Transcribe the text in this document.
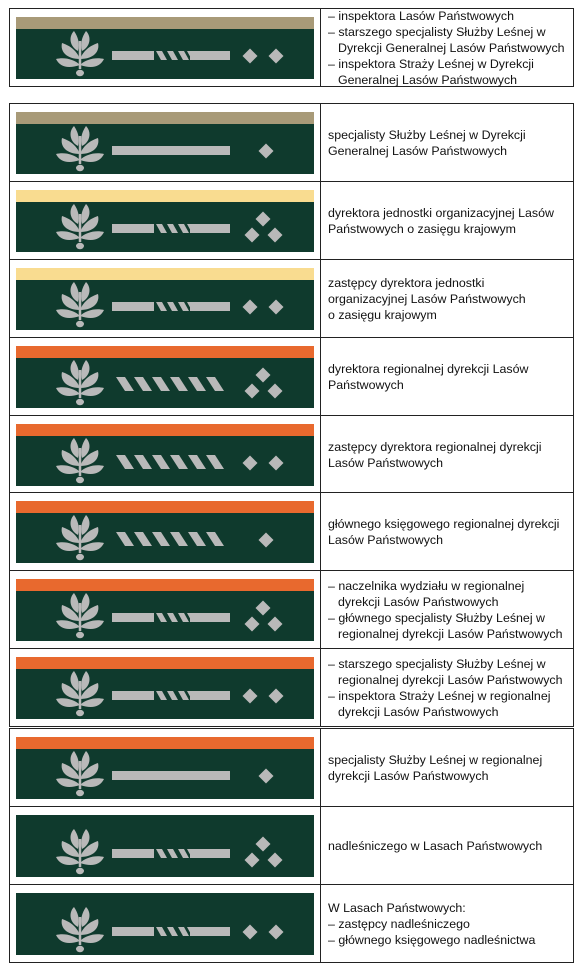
– inspektora Lasów Państwowych
– starszego specjalisty Służby Leśnej w Dyrekcji Generalnej Lasów Państwowych
– inspektora Straży Leśnej w Dyrekcji Generalnej Lasów Państwowych
specjalisty Służby Leśnej w Dyrekcji Generalnej Lasów Państwowych
dyrektora jednostki organizacyjnej Lasów Państwowych o zasięgu krajowym
zastępcy dyrektora jednostki
organizacyjnej Lasów Państwowych
o zasięgu krajowym
dyrektora regionalnej dyrekcji Lasów Państwowych
zastępcy dyrektora regionalnej dyrekcji Lasów Państwowych
głównego księgowego regionalnej dyrekcji Lasów Państwowych
– naczelnika wydziału w regionalnej dyrekcji Lasów Państwowych
– głównego specjalisty Służby Leśnej w regionalnej dyrekcji Lasów Państwowych
– starszego specjalisty Służby Leśnej w regionalnej dyrekcji Lasów Państwowych
– inspektora Straży Leśnej w regionalnej dyrekcji Lasów Państwowych
specjalisty Służby Leśnej w regionalnej dyrekcji Lasów Państwowych
nadleśniczego w Lasach Państwowych
W Lasach Państwowych:
– zastępcy nadleśniczego
– głównego księgowego nadleśnictwa
